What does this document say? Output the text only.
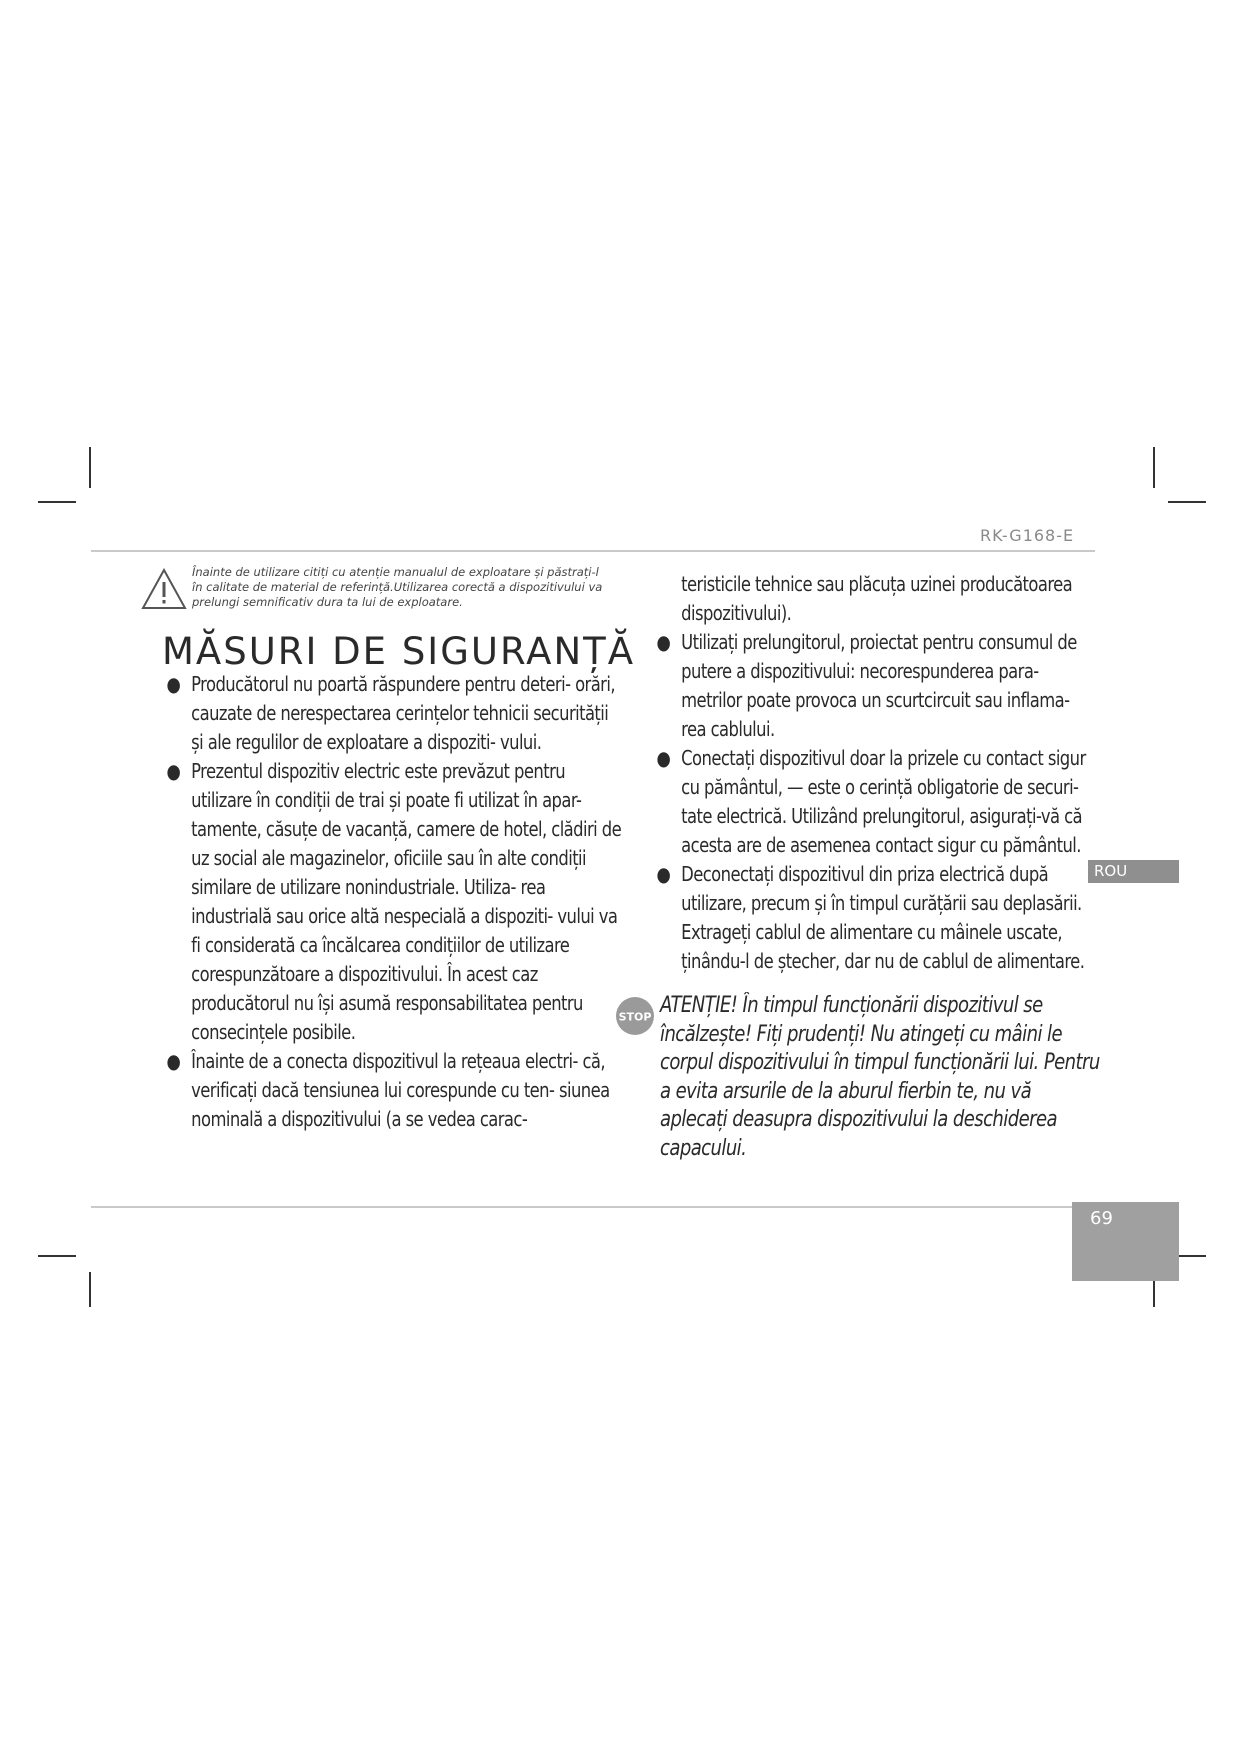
RK-G168-E
Înainte de utilizare citiți cu atenție manualul de exploatare și păstrați-l în calitate de material de referință.Utilizarea corectă a dispozitivului va prelungi semnificativ dura ta lui de exploatare.
MĂSURI DE SIGURANȚĂ
● Producătorul nu poartă răspundere pentru deteri- orări, cauzate de nerespectarea cerințelor tehnicii securității și ale regulilor de exploatare a dispoziti- vului.
● Prezentul dispozitiv electric este prevăzut pentru utilizare în condiții de trai și poate fi utilizat în apar- tamente, căsuțe de vacanță, camere de hotel, clădiri de uz social ale magazinelor, oficiile sau în alte condiții similare de utilizare nonindustriale. Utiliza- rea industrială sau orice altă nespecială a dispoziti- vului va fi considerată ca încălcarea condițiilor de utilizare corespunzătoare a dispozitivului. În acest caz producătorul nu își asumă responsabilitatea pentru consecințele posibile.
● Înainte de a conecta dispozitivul la rețeaua electri- că, verificați dacă tensiunea lui corespunde cu ten- siunea nominală a dispozitivului (a se vedea carac-

teristicile tehnice sau plăcuța uzinei producătoarea dispozitivului).

● Utilizați prelungitorul, proiectat pentru consumul de putere a dispozitivului: necorespunderea para- metrilor poate provoca un scurtcircuit sau inflama- rea cablului.
● Conectați dispozitivul doar la prizele cu contact sigur cu pământul, — este o cerință obligatorie de securi- tate electrică. Utilizând prelungitorul, asigurați-vă că acesta are de asemenea contact sigur cu pământul.
● Deconectați dispozitivul din priza electrică după utilizare, precum și în timpul curățării sau deplasării. Extrageți cablul de alimentare cu mâinele uscate, ținându-l de ștecher, dar nu de cablul de alimentare.
STOP ATENȚIE! În timpul funcționării dispozitivul se încălzește! Fiți prudenți! Nu atingeți cu mâini le corpul dispozitivului în timpul funcționării lui. Pentru a evita arsurile de la aburul fierbin te, nu vă aplecați deasupra dispozitivului la deschiderea capacului.
ROU
69
